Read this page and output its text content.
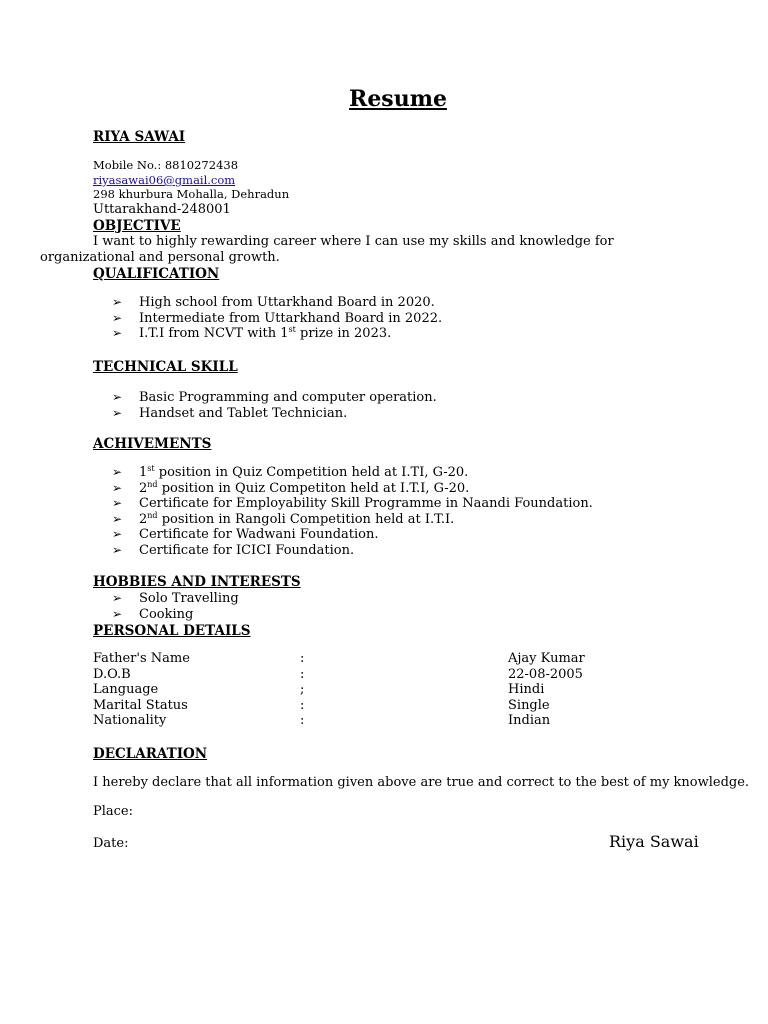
Resume
RIYA SAWAI
Mobile No.: 8810272438
riyasawai06@gmail.com
298 khurbura Mohalla, Dehradun
Uttarakhand-248001
OBJECTIVE
I want to highly rewarding career where I can use my skills and knowledge for organizational and personal growth.
QUALIFICATION
➢ High school from Uttarkhand Board in 2020.
➢ Intermediate from Uttarkhand Board in 2022.
➢ I.T.I from NCVT with 1st prize in 2023.
TECHNICAL SKILL
➢ Basic Programming and computer operation.
➢ Handset and Tablet Technician.
ACHIVEMENTS
➢ 1st position in Quiz Competition held at I.TI, G-20.
➢ 2nd position in Quiz Competiton held at I.T.I, G-20.
➢ Certificate for Employability Skill Programme in Naandi Foundation.
➢ 2nd position in Rangoli Competition held at I.T.I.
➢ Certificate for Wadwani Foundation.
➢ Certificate for ICICI Foundation.
HOBBIES AND INTERESTS
➢ Solo Travelling
➢ Cooking
PERSONAL DETAILS
Father's Name	:	Ajay Kumar
D.O.B	:	22-08-2005
Language	;	Hindi
Marital Status	:	Single
Nationality	:	Indian
DECLARATION
I hereby declare that all information given above are true and correct to the best of my knowledge.
Place:
Date:	Riya Sawai
